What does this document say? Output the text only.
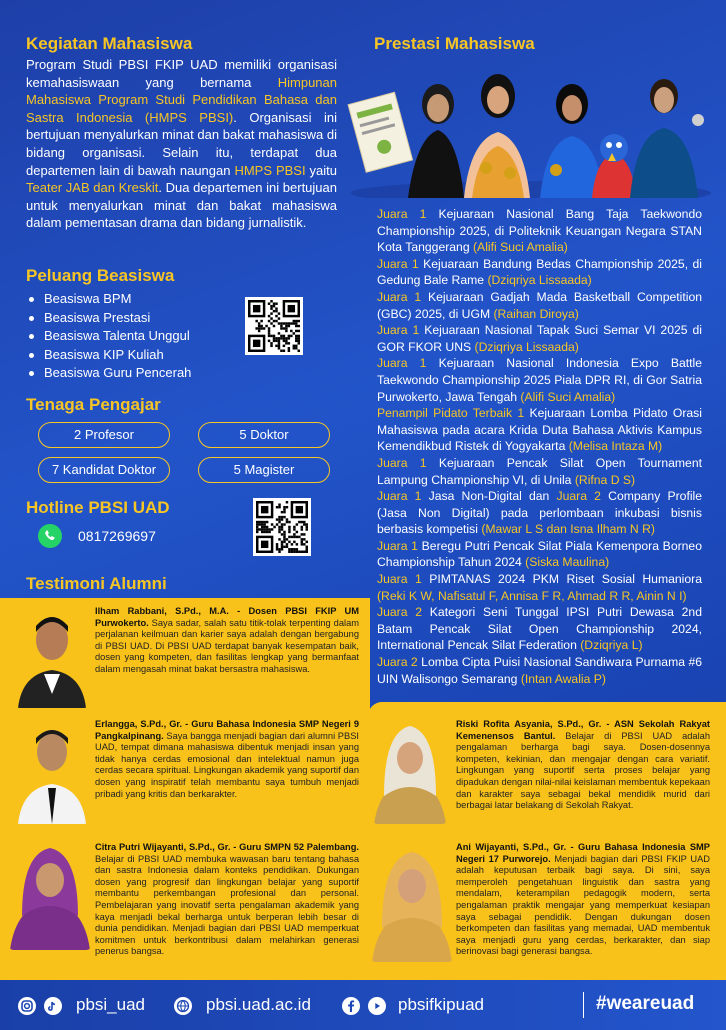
Kegiatan Mahasiswa
Program Studi PBSI FKIP UAD memiliki organisasi kemahasiswaan yang bernama Himpunan Mahasiswa Program Studi Pendidikan Bahasa dan Sastra Indonesia (HMPS PBSI). Organisasi ini bertujuan menyalurkan minat dan bakat mahasiswa di bidang organisasi. Selain itu, terdapat dua departemen lain di bawah naungan HMPS PBSI yaitu Teater JAB dan Kreskit. Dua departemen ini bertujuan untuk menyalurkan minat dan bakat mahasiswa dalam pementasan drama dan bidang jurnalistik.
Peluang Beasiswa
Beasiswa BPM
Beasiswa Prestasi
Beasiswa Talenta Unggul
Beasiswa KIP Kuliah
Beasiswa Guru Pencerah
Tenaga Pengajar
2 Profesor	5 Doktor
7 Kandidat Doktor	5 Magister
Hotline PBSI UAD
0817269697
Testimoni Alumni
Prestasi Mahasiswa

Juara 1 Kejuaraan Nasional Bang Taja Taekwondo Championship 2025, di Politeknik Keuangan Negara STAN Kota Tanggerang (Alifi Suci Amalia)

Juara 1 Kejuaraan Bandung Bedas Championship 2025, di Gedung Bale Rame (Dziqriya Lissaada)

Juara 1 Kejuaraan Gadjah Mada Basketball Competition (GBC) 2025, di UGM (Raihan Diroya)

Juara 1 Kejuaraan Nasional Tapak Suci Semar VI 2025 di GOR FKOR UNS (Dziqriya Lissaada)

Juara 1 Kejuaraan Nasional Indonesia Expo Battle Taekwondo Championship 2025 Piala DPR RI, di Gor Satria Purwokerto, Jawa Tengah (Alifi Suci Amalia)

Penampil Pidato Terbaik 1 Kejuaraan Lomba Pidato Orasi Mahasiswa pada acara Krida Duta Bahasa Aktivis Kampus Kemendikbud Ristek di Yogyakarta (Melisa Intaza M)

Juara 1 Kejuaraan Pencak Silat Open Tournament Lampung Championship VI, di Unila (Rifna D S)

Juara 1 Jasa Non-Digital dan Juara 2 Company Profile (Jasa Non Digital) pada perlombaan inkubasi bisnis berbasis kompetisi (Mawar L S dan Isna Ilham N R)

Juara 1 Beregu Putri Pencak Silat Piala Kemenpora Borneo Championship Tahun 2024 (Siska Maulina)

Juara 1 PIMTANAS 2024 PKM Riset Sosial Humaniora (Reki K W, Nafisatul F, Annisa F R, Ahmad R R, Ainin N I)

Juara 2 Kategori Seni Tunggal IPSI Putri Dewasa 2nd Batam Pencak Silat Open Championship 2024, International Pencak Silat Federation (Dziqriya L)

Juara 2 Lomba Cipta Puisi Nasional Sandiwara Purnama #6 UIN Walisongo Semarang (Intan Awalia P)

Ilham Rabbani, S.Pd., M.A. - Dosen PBSI FKIP UM Purwokerto. Saya sadar, salah satu titik-tolak terpenting dalam perjalanan keilmuan dan karier saya adalah dengan bergabung di PBSI UAD. Di PBSI UAD terdapat banyak kesempatan baik, dosen yang kompeten, dan fasilitas lengkap yang bermanfaat dalam mengasah minat bakat bersastra mahasiswa.
Erlangga, S.Pd., Gr. - Guru Bahasa Indonesia SMP Negeri 9 Pangkalpinang. Saya bangga menjadi bagian dari alumni PBSI UAD, tempat dimana mahasiswa dibentuk menjadi insan yang tidak hanya cerdas emosional dan intelektual namun juga cerdas secara spiritual. Lingkungan akademik yang suportif dan dosen yang inspiratif telah membantu saya tumbuh menjadi pribadi yang kritis dan berkarakter.
Citra Putri Wijayanti, S.Pd., Gr. - Guru SMPN 52 Palembang. Belajar di PBSI UAD membuka wawasan baru tentang bahasa dan sastra Indonesia dalam konteks pendidikan. Dukungan dosen yang progresif dan lingkungan belajar yang suportif membantu perkembangan profesional dan personal. Pembelajaran yang inovatif serta pengalaman akademik yang kaya menjadi bekal berharga untuk berperan lebih besar di dunia pendidikan. Menjadi bagian dari PBSI UAD memperkuat komitmen untuk berkontribusi dalam melahirkan generasi penerus bangsa.
Riski Rofita Asyania, S.Pd., Gr. - ASN Sekolah Rakyat Kemenensos Bantul. Belajar di PBSI UAD adalah pengalaman berharga bagi saya. Dosen-dosennya kompeten, kekinian, dan mengajar dengan cara variatif. Lingkungan yang suportif serta proses belajar yang dipadukan dengan nilai-nilai keislaman membentuk kepekaan dan karakter saya sebagai bekal mendidik murid dari berbagai latar belakang di Sekolah Rakyat.
Ani Wijayanti, S.Pd., Gr. - Guru Bahasa Indonesia SMP Negeri 17 Purworejo. Menjadi bagian dari PBSI FKIP UAD adalah keputusan terbaik bagi saya. Di sini, saya memperoleh pengetahuan linguistik dan sastra yang mendalam, keterampilan pedagogik modern, serta pengalaman praktik mengajar yang memperkuat kesiapan saya sebagai pendidik. Dengan dukungan dosen berkompeten dan fasilitas yang memadai, UAD membentuk saya menjadi guru yang cerdas, berkarakter, dan siap berinovasi bagi generasi bangsa.
pbsi_uad	pbsi.uad.ac.id	pbsifkipuad	#weareuad
